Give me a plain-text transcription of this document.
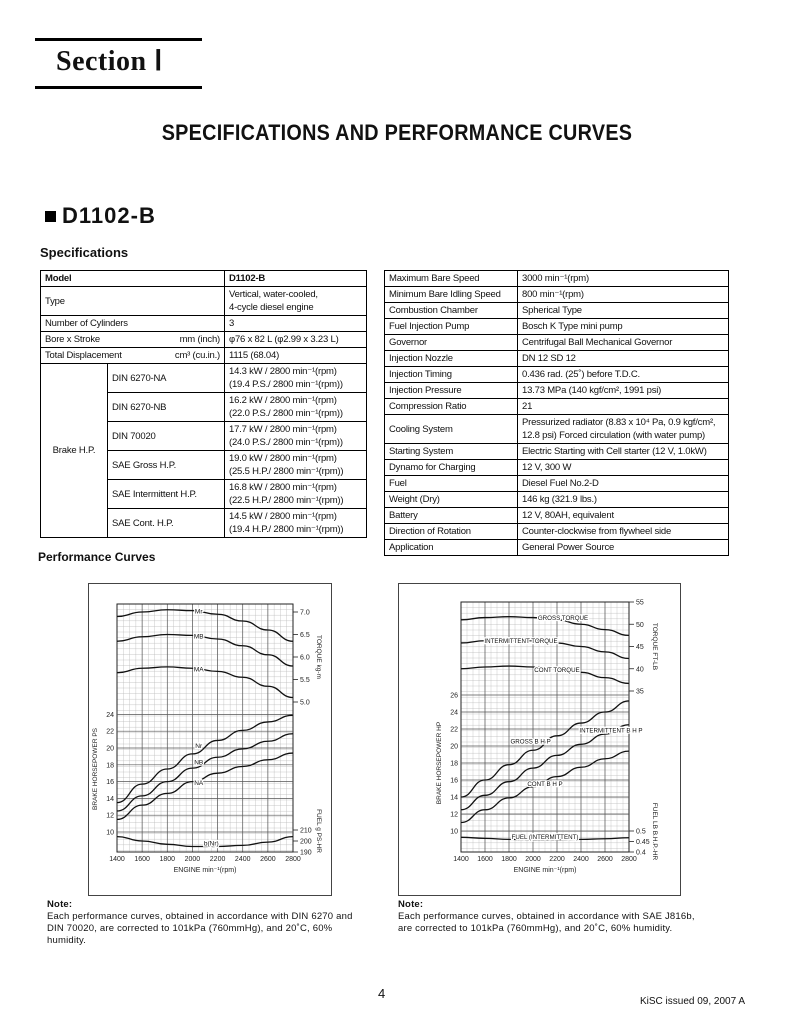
Section Ⅰ
SPECIFICATIONS AND PERFORMANCE CURVES
D1102-B
Specifications
Model		D1102-B
Type		Vertical, water-cooled,
4-cycle diesel engine
Number of Cylinders		3
Bore x Stroke mm (inch)		φ76 x 82 L (φ2.99 x 3.23 L)
Total Displacement cm³ (cu.in.)		1115 (68.04)
Brake H.P.	DIN 6270-NA	14.3 kW / 2800 min⁻¹(rpm)
(19.4 P.S./ 2800 min⁻¹(rpm))
	DIN 6270-NB	16.2 kW / 2800 min⁻¹(rpm)
(22.0 P.S./ 2800 min⁻¹(rpm))
	DIN 70020	17.7 kW / 2800 min⁻¹(rpm)
(24.0 P.S./ 2800 min⁻¹(rpm))
	SAE Gross H.P.	19.0 kW / 2800 min⁻¹(rpm)
(25.5 H.P./ 2800 min⁻¹(rpm))
	SAE Intermittent H.P.	16.8 kW / 2800 min⁻¹(rpm)
(22.5 H.P./ 2800 min⁻¹(rpm))
	SAE Cont. H.P.	14.5 kW / 2800 min⁻¹(rpm)
(19.4 H.P./ 2800 min⁻¹(rpm))
Maximum Bare Speed	3000 min⁻¹(rpm)
Minimum Bare Idling Speed	800 min⁻¹(rpm)
Combustion Chamber	Spherical Type
Fuel Injection Pump	Bosch K Type mini pump
Governor	Centrifugal Ball Mechanical Governor
Injection Nozzle	DN 12 SD 12
Injection Timing	0.436 rad. (25˚) before T.D.C.
Injection Pressure	13.73 MPa (140 kgf/cm², 1991 psi)
Compression Ratio	21
Cooling System	Pressurized radiator (8.83 x 10⁴ Pa, 0.9 kgf/cm²,
12.8 psi) Forced circulation (with water pump)
Starting System	Electric Starting with Cell starter (12 V, 1.0kW)
Dynamo for Charging	12 V, 300 W
Fuel	Diesel Fuel No.2-D
Weight (Dry)	146 kg (321.9 lbs.)
Battery	12 V, 80AH, equivalent
Direction of Rotation	Counter-clockwise from flywheel side
Application	General Power Source
Performance Curves
1400 1600 1800 2000 2200 2400 2600 2800
ENGINE min⁻¹(rpm)
10
12
14
16
18
20
22
24
5.0
5.5
6.0
6.5
7.0
190
200
210
BRAKE HORSEPOWER PS
TORQUE kg-m
FUEL g PS-HR
Mr
MB
MA
Nr
NB
NA
b(Nr)
1400 1600 1800 2000 2200 2400 2600 2800
ENGINE min⁻¹(rpm)
10
12
14
16
18
20
22
24
26
35
40
45
50
55
0.4
0.45
0.5
BRAKE HORSEPOWER HP
TORQUE FT-LB
FUEL LB B.H.P.-HR
GROSS TORQUE
INTERMITTENT TORQUE
CONT TORQUE
GROSS B H P
INTERMITTENT B H P
CONT B H P
FUEL (INTERMITTENT)
Note:
Each performance curves, obtained in accordance with DIN 6270 and DIN 70020, are corrected to 101kPa (760mmHg), and 20˚C, 60% humidity.
Note:
Each performance curves, obtained in accordance with SAE J816b, are corrected to 101kPa (760mmHg), and 20˚C, 60% humidity.
4
KiSC issued 09, 2007 A
